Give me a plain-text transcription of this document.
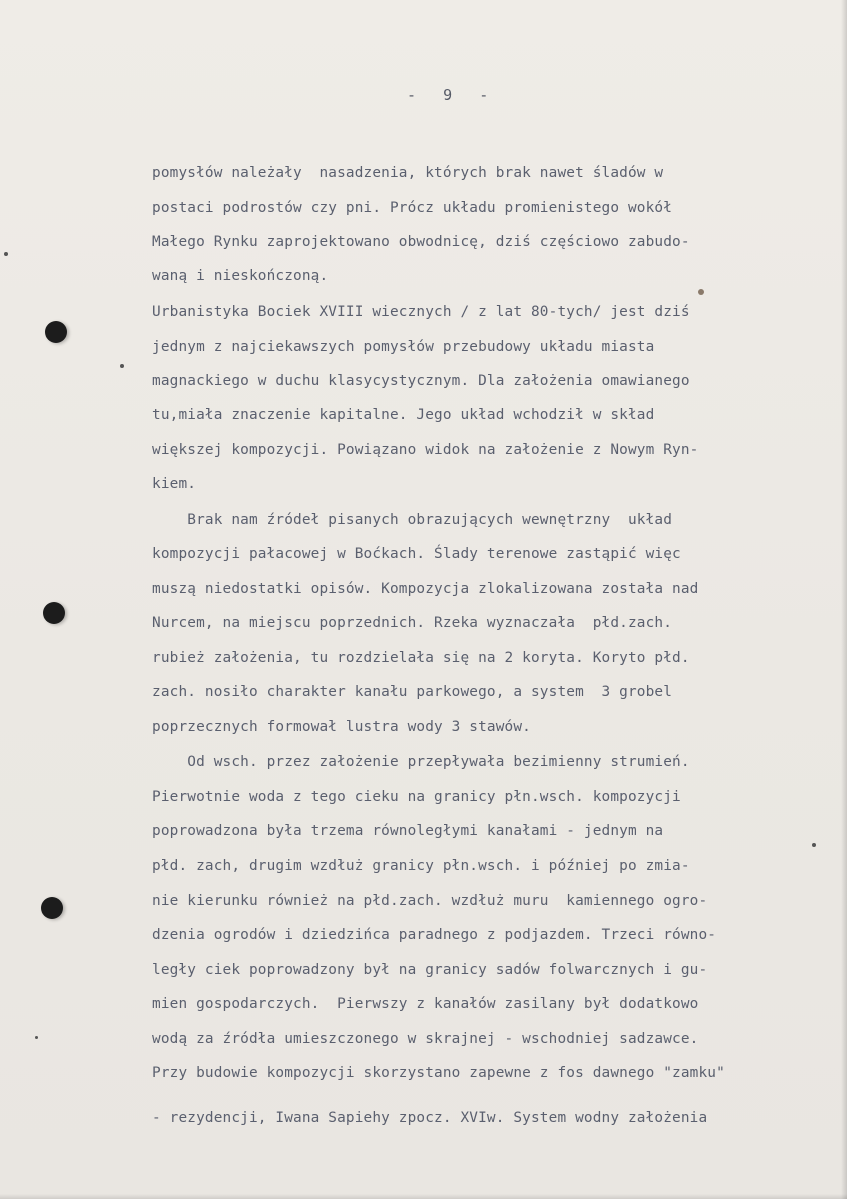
-   9   -
pomysłów należały  nasadzenia, których brak nawet śladów w
postaci podrostów czy pni. Prócz układu promienistego wokół
Małego Rynku zaprojektowano obwodnicę, dziś częściowo zabudo-
waną i nieskończoną.
Urbanistyka Bociek XVIII wiecznych / z lat 80-tych/ jest dziś
jednym z najciekawszych pomysłów przebudowy układu miasta
magnackiego w duchu klasycystycznym. Dla założenia omawianego
tu,miała znaczenie kapitalne. Jego układ wchodził w skład
większej kompozycji. Powiązano widok na założenie z Nowym Ryn-
kiem.
Brak nam źródeł pisanych obrazujących wewnętrzny  układ
kompozycji pałacowej w Boćkach. Ślady terenowe zastąpić więc
muszą niedostatki opisów. Kompozycja zlokalizowana została nad
Nurcem, na miejscu poprzednich. Rzeka wyznaczała  płd.zach.
rubież założenia, tu rozdzielała się na 2 koryta. Koryto płd.
zach. nosiło charakter kanału parkowego, a system  3 grobel
poprzecznych formował lustra wody 3 stawów.
Od wsch. przez założenie przepływała bezimienny strumień.
Pierwotnie woda z tego cieku na granicy płn.wsch. kompozycji
poprowadzona była trzema równoległymi kanałami - jednym na
płd. zach, drugim wzdłuż granicy płn.wsch. i później po zmia-
nie kierunku również na płd.zach. wzdłuż muru  kamiennego ogro-
dzenia ogrodów i dziedzińca paradnego z podjazdem. Trzeci równo-
legły ciek poprowadzony był na granicy sadów folwarcznych i gu-
mien gospodarczych.  Pierwszy z kanałów zasilany był dodatkowo
wodą za źródła umieszczonego w skrajnej - wschodniej sadzawce.
Przy budowie kompozycji skorzystano zapewne z fos dawnego "zamku"
- rezydencji, Iwana Sapiehy zpocz. XVIw. System wodny założenia
